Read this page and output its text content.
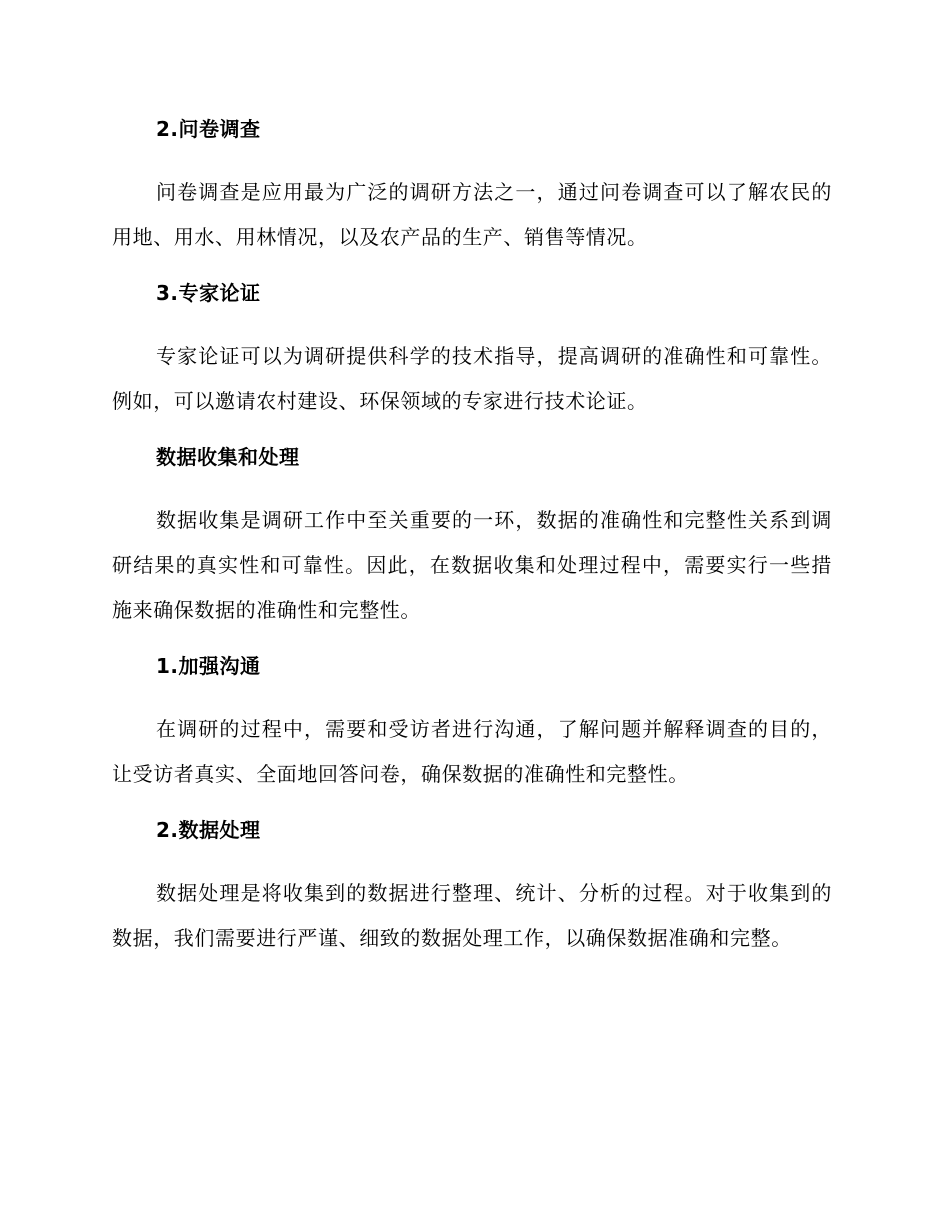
2.问卷调查

问卷调查是应用最为广泛的调研方法之一，通过问卷调查可以了解农民的用地、用水、用林情况，以及农产品的生产、销售等情况。

3.专家论证

专家论证可以为调研提供科学的技术指导，提高调研的准确性和可靠性。例如，可以邀请农村建设、环保领域的专家进行技术论证。

数据收集和处理

数据收集是调研工作中至关重要的一环，数据的准确性和完整性关系到调研结果的真实性和可靠性。因此，在数据收集和处理过程中，需要实行一些措施来确保数据的准确性和完整性。

1.加强沟通

在调研的过程中，需要和受访者进行沟通，了解问题并解释调查的目的，让受访者真实、全面地回答问卷，确保数据的准确性和完整性。

2.数据处理

数据处理是将收集到的数据进行整理、统计、分析的过程。对于收集到的数据，我们需要进行严谨、细致的数据处理工作，以确保数据准确和完整。
